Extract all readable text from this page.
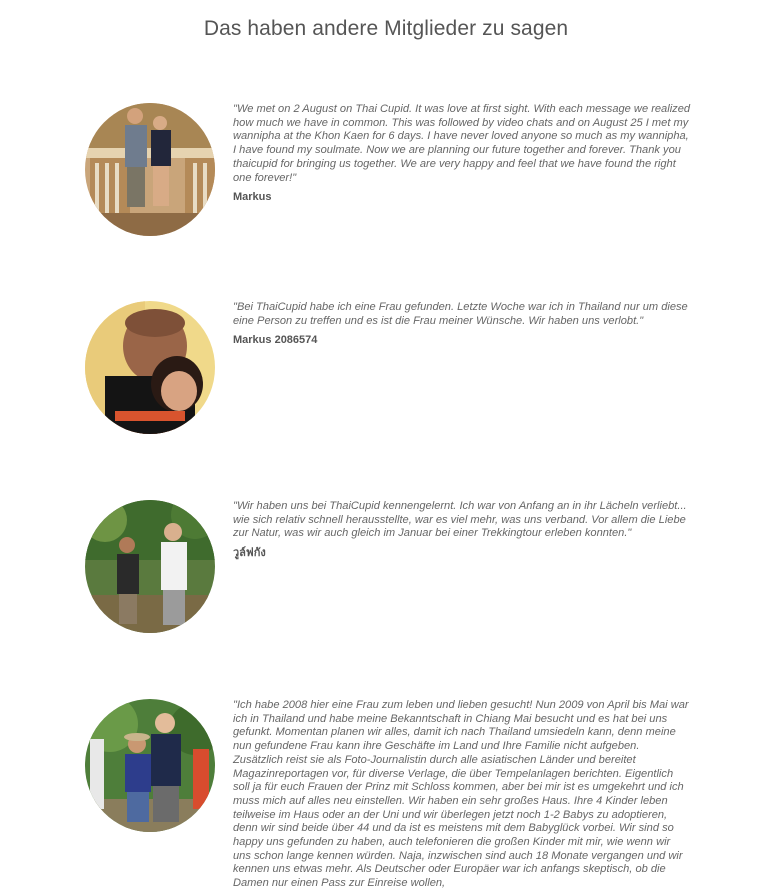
Das haben andere Mitglieder zu sagen

"We met on 2 August on Thai Cupid. It was love at first sight. With each message we realized how much we have in common. This was followed by video chats and on August 25 I met my wannipha at the Khon Kaen for 6 days. I have never loved anyone so much as my wannipha, I have found my soulmate. Now we are planning our future together and forever. Thank you thaicupid for bringing us together. We are very happy and feel that we have found the right one forever!"

Markus

"Bei ThaiCupid habe ich eine Frau gefunden. Letzte Woche war ich in Thailand nur um diese eine Person zu treffen und es ist die Frau meiner Wünsche. Wir haben uns verlobt."

Markus 2086574

"Wir haben uns bei ThaiCupid kennengelernt. Ich war von Anfang an in ihr Lächeln verliebt... wie sich relativ schnell herausstellte, war es viel mehr, was uns verband. Vor allem die Liebe zur Natur, was wir auch gleich im Januar bei einer Trekkingtour erleben konnten."

วูล์ฟกัง

"Ich habe 2008 hier eine Frau zum leben und lieben gesucht! Nun 2009 von April bis Mai war ich in Thailand und habe meine Bekanntschaft in Chiang Mai besucht und es hat bei uns gefunkt. Momentan planen wir alles, damit ich nach Thailand umsiedeln kann, denn meine nun gefundene Frau kann ihre Geschäfte im Land und Ihre Familie nicht aufgeben. Zusätzlich reist sie als Foto-Journalistin durch alle asiatischen Länder und bereitet Magazinreportagen vor, für diverse Verlage, die über Tempelanlagen berichten. Eigentlich soll ja für euch Frauen der Prinz mit Schloss kommen, aber bei mir ist es umgekehrt und ich muss mich auf alles neu einstellen. Wir haben ein sehr großes Haus. Ihre 4 Kinder leben teilweise im Haus oder an der Uni und wir überlegen jetzt noch 1-2 Babys zu adoptieren, denn wir sind beide über 44 und da ist es meistens mit dem Babyglück vorbei. Wir sind so happy uns gefunden zu haben, auch telefonieren die großen Kinder mit mir, wie wenn wir uns schon lange kennen würden. Naja, inzwischen sind auch 18 Monate vergangen und wir kennen uns etwas mehr. Als Deutscher oder Europäer war ich anfangs skeptisch, ob die Damen nur einen Pass zur Einreise wollen,
